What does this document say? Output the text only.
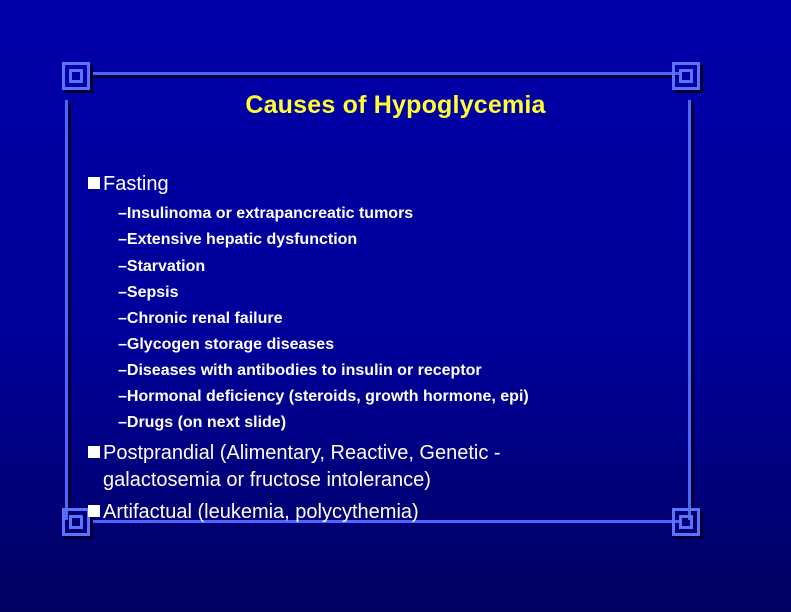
Causes of Hypoglycemia
Fasting
–Insulinoma or extrapancreatic tumors
–Extensive hepatic dysfunction
–Starvation
–Sepsis
–Chronic renal failure
–Glycogen storage diseases
–Diseases with antibodies to insulin or receptor
–Hormonal deficiency (steroids, growth hormone, epi)
–Drugs (on next slide)
Postprandial (Alimentary, Reactive, Genetic -
galactosemia or fructose intolerance)
Artifactual (leukemia, polycythemia)
